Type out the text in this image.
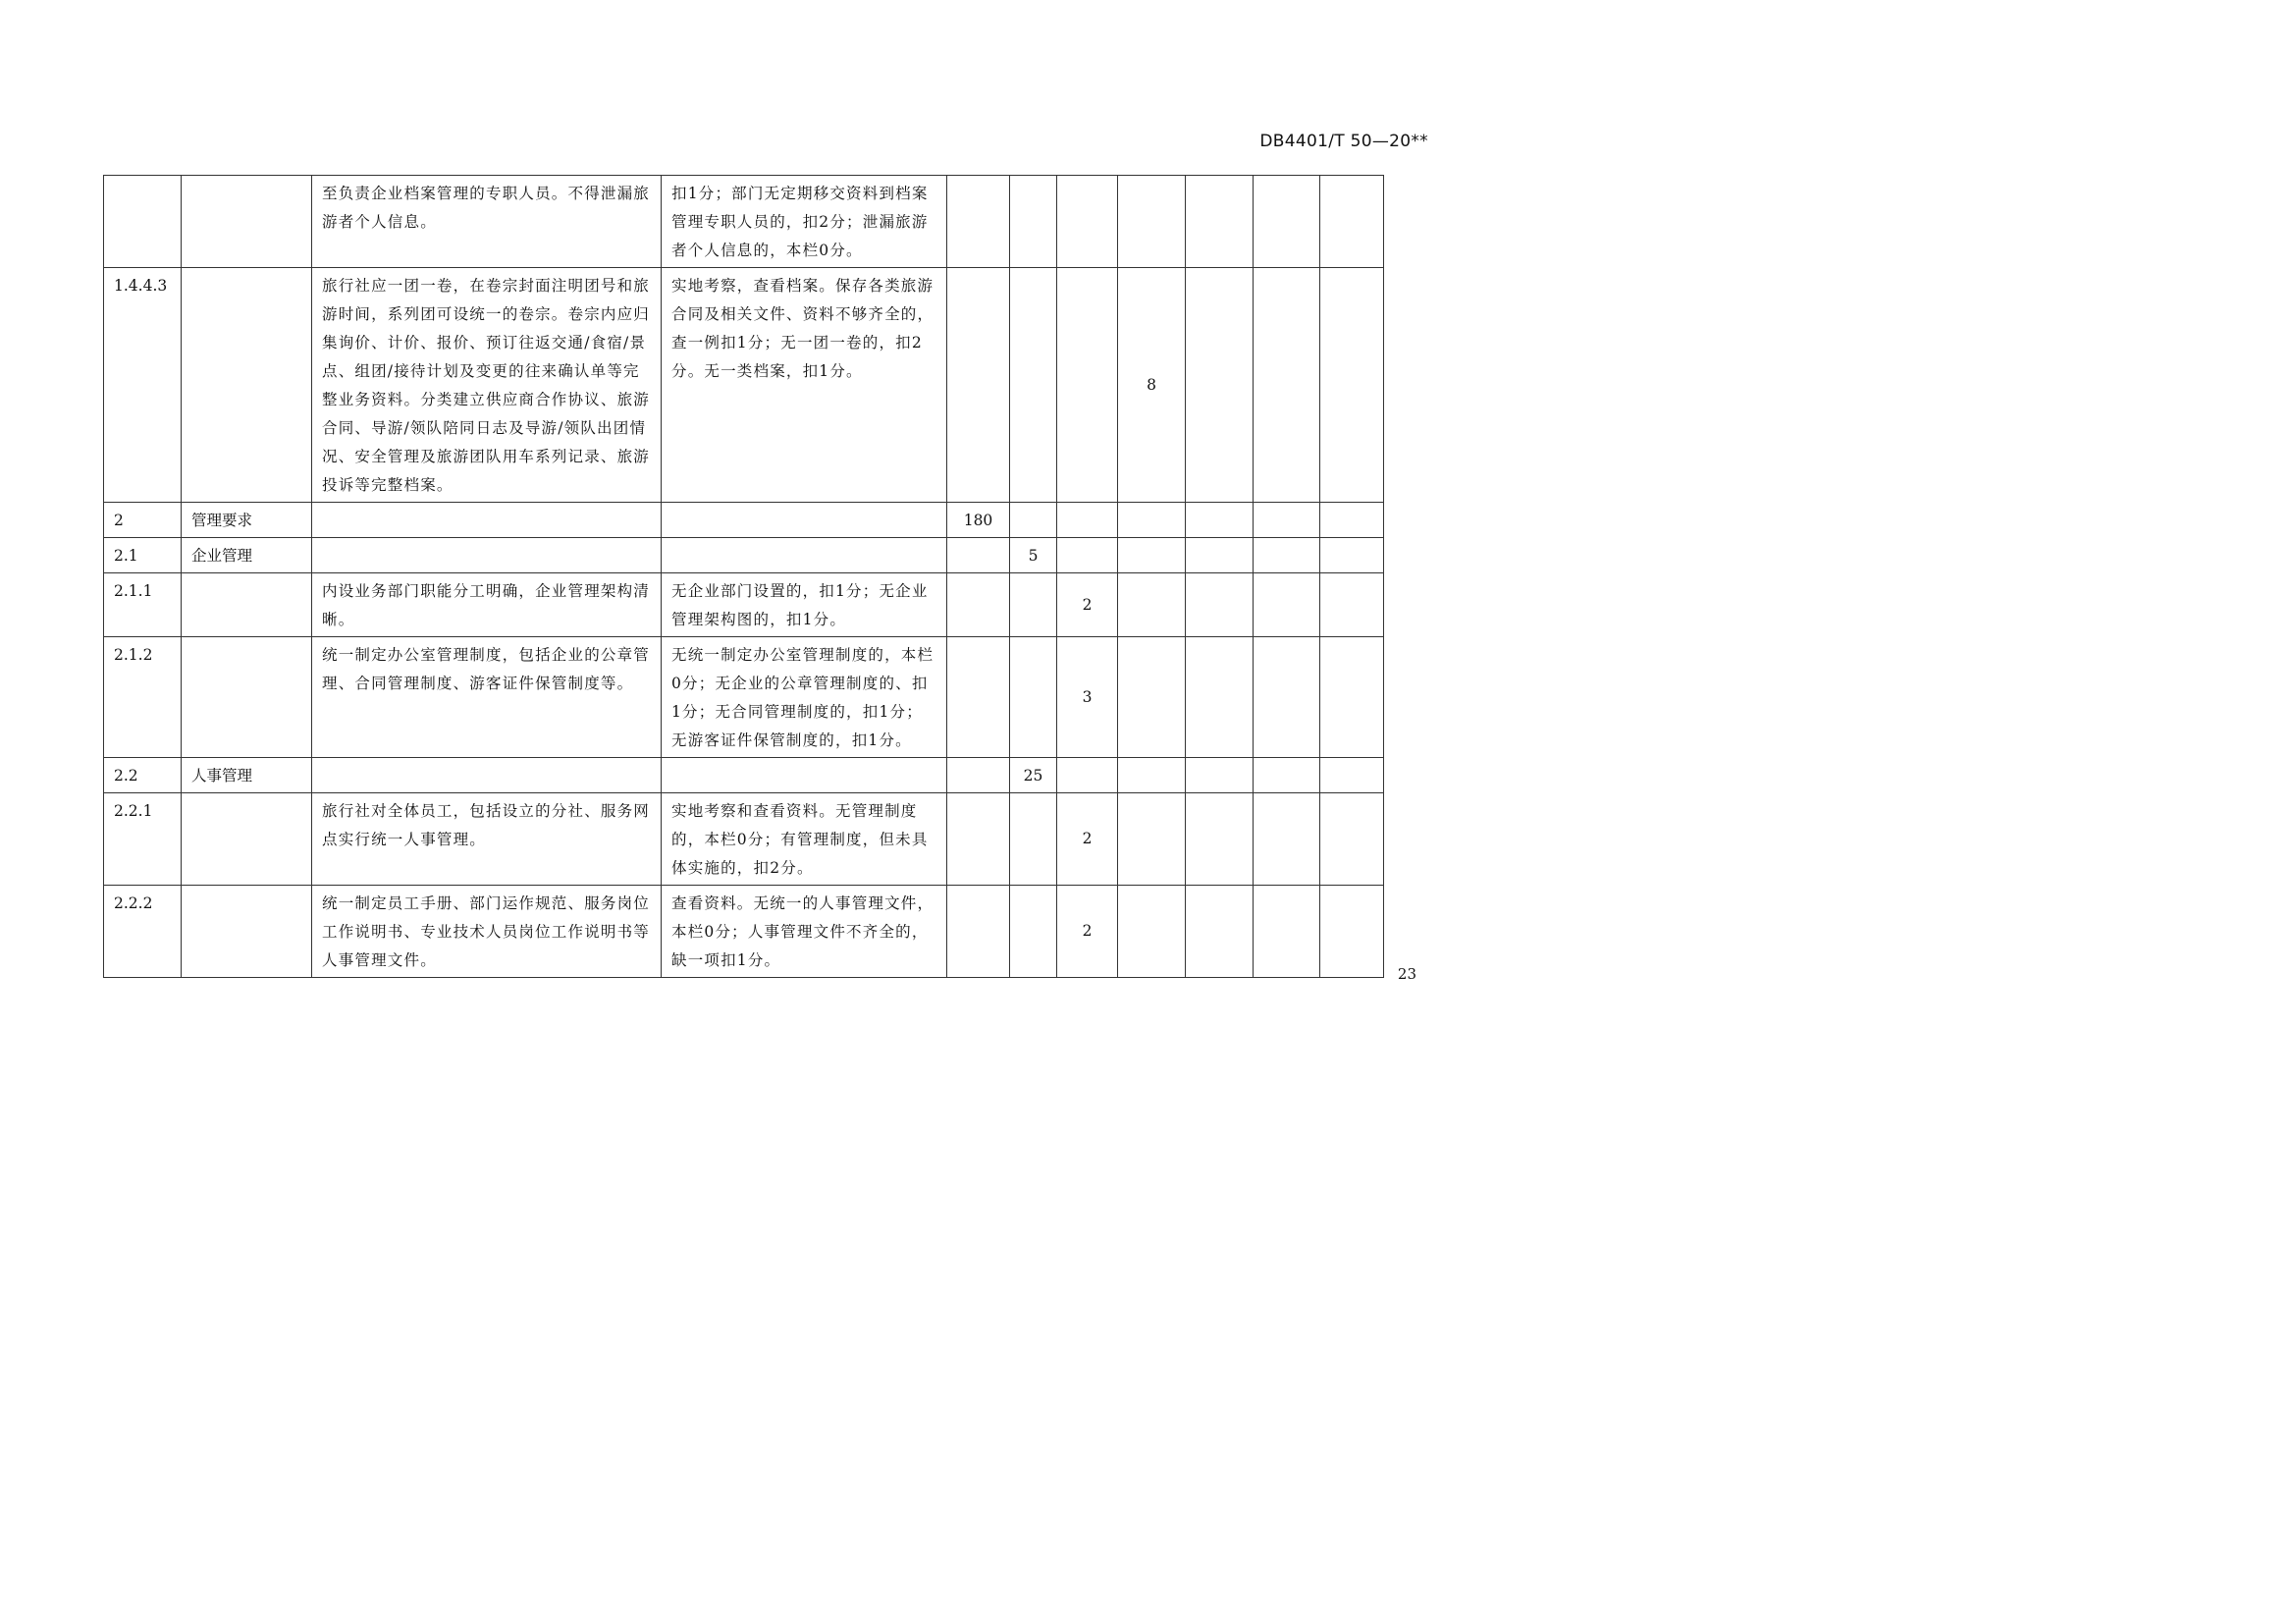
DB4401/T 50—20**
		至负责企业档案管理的专职人员。不得泄漏旅游者个人信息。	扣1分；部门无定期移交资料到档案管理专职人员的，扣2分；泄漏旅游者个人信息的，本栏0分。							
1.4.4.3		旅行社应一团一卷，在卷宗封面注明团号和旅游时间，系列团可设统一的卷宗。卷宗内应归集询价、计价、报价、预订往返交通/食宿/景点、组团/接待计划及变更的往来确认单等完整业务资料。分类建立供应商合作协议、旅游合同、导游/领队陪同日志及导游/领队出团情况、安全管理及旅游团队用车系列记录、旅游投诉等完整档案。	实地考察，查看档案。保存各类旅游合同及相关文件、资料不够齐全的，查一例扣1分；无一团一卷的，扣2分。无一类档案，扣1分。				8			
2	管理要求			180						
2.1	企业管理				5					
2.1.1		内设业务部门职能分工明确，企业管理架构清晰。	无企业部门设置的，扣1分；无企业管理架构图的，扣1分。			2				
2.1.2		统一制定办公室管理制度，包括企业的公章管理、合同管理制度、游客证件保管制度等。	无统一制定办公室管理制度的，本栏0分；无企业的公章管理制度的、扣1分；无合同管理制度的，扣1分；无游客证件保管制度的，扣1分。			3				
2.2	人事管理				25					
2.2.1		旅行社对全体员工，包括设立的分社、服务网点实行统一人事管理。	实地考察和查看资料。无管理制度的，本栏0分；有管理制度，但未具体实施的，扣2分。			2				
2.2.2		统一制定员工手册、部门运作规范、服务岗位工作说明书、专业技术人员岗位工作说明书等人事管理文件。	查看资料。无统一的人事管理文件，本栏0分；人事管理文件不齐全的，缺一项扣1分。			2				
23
